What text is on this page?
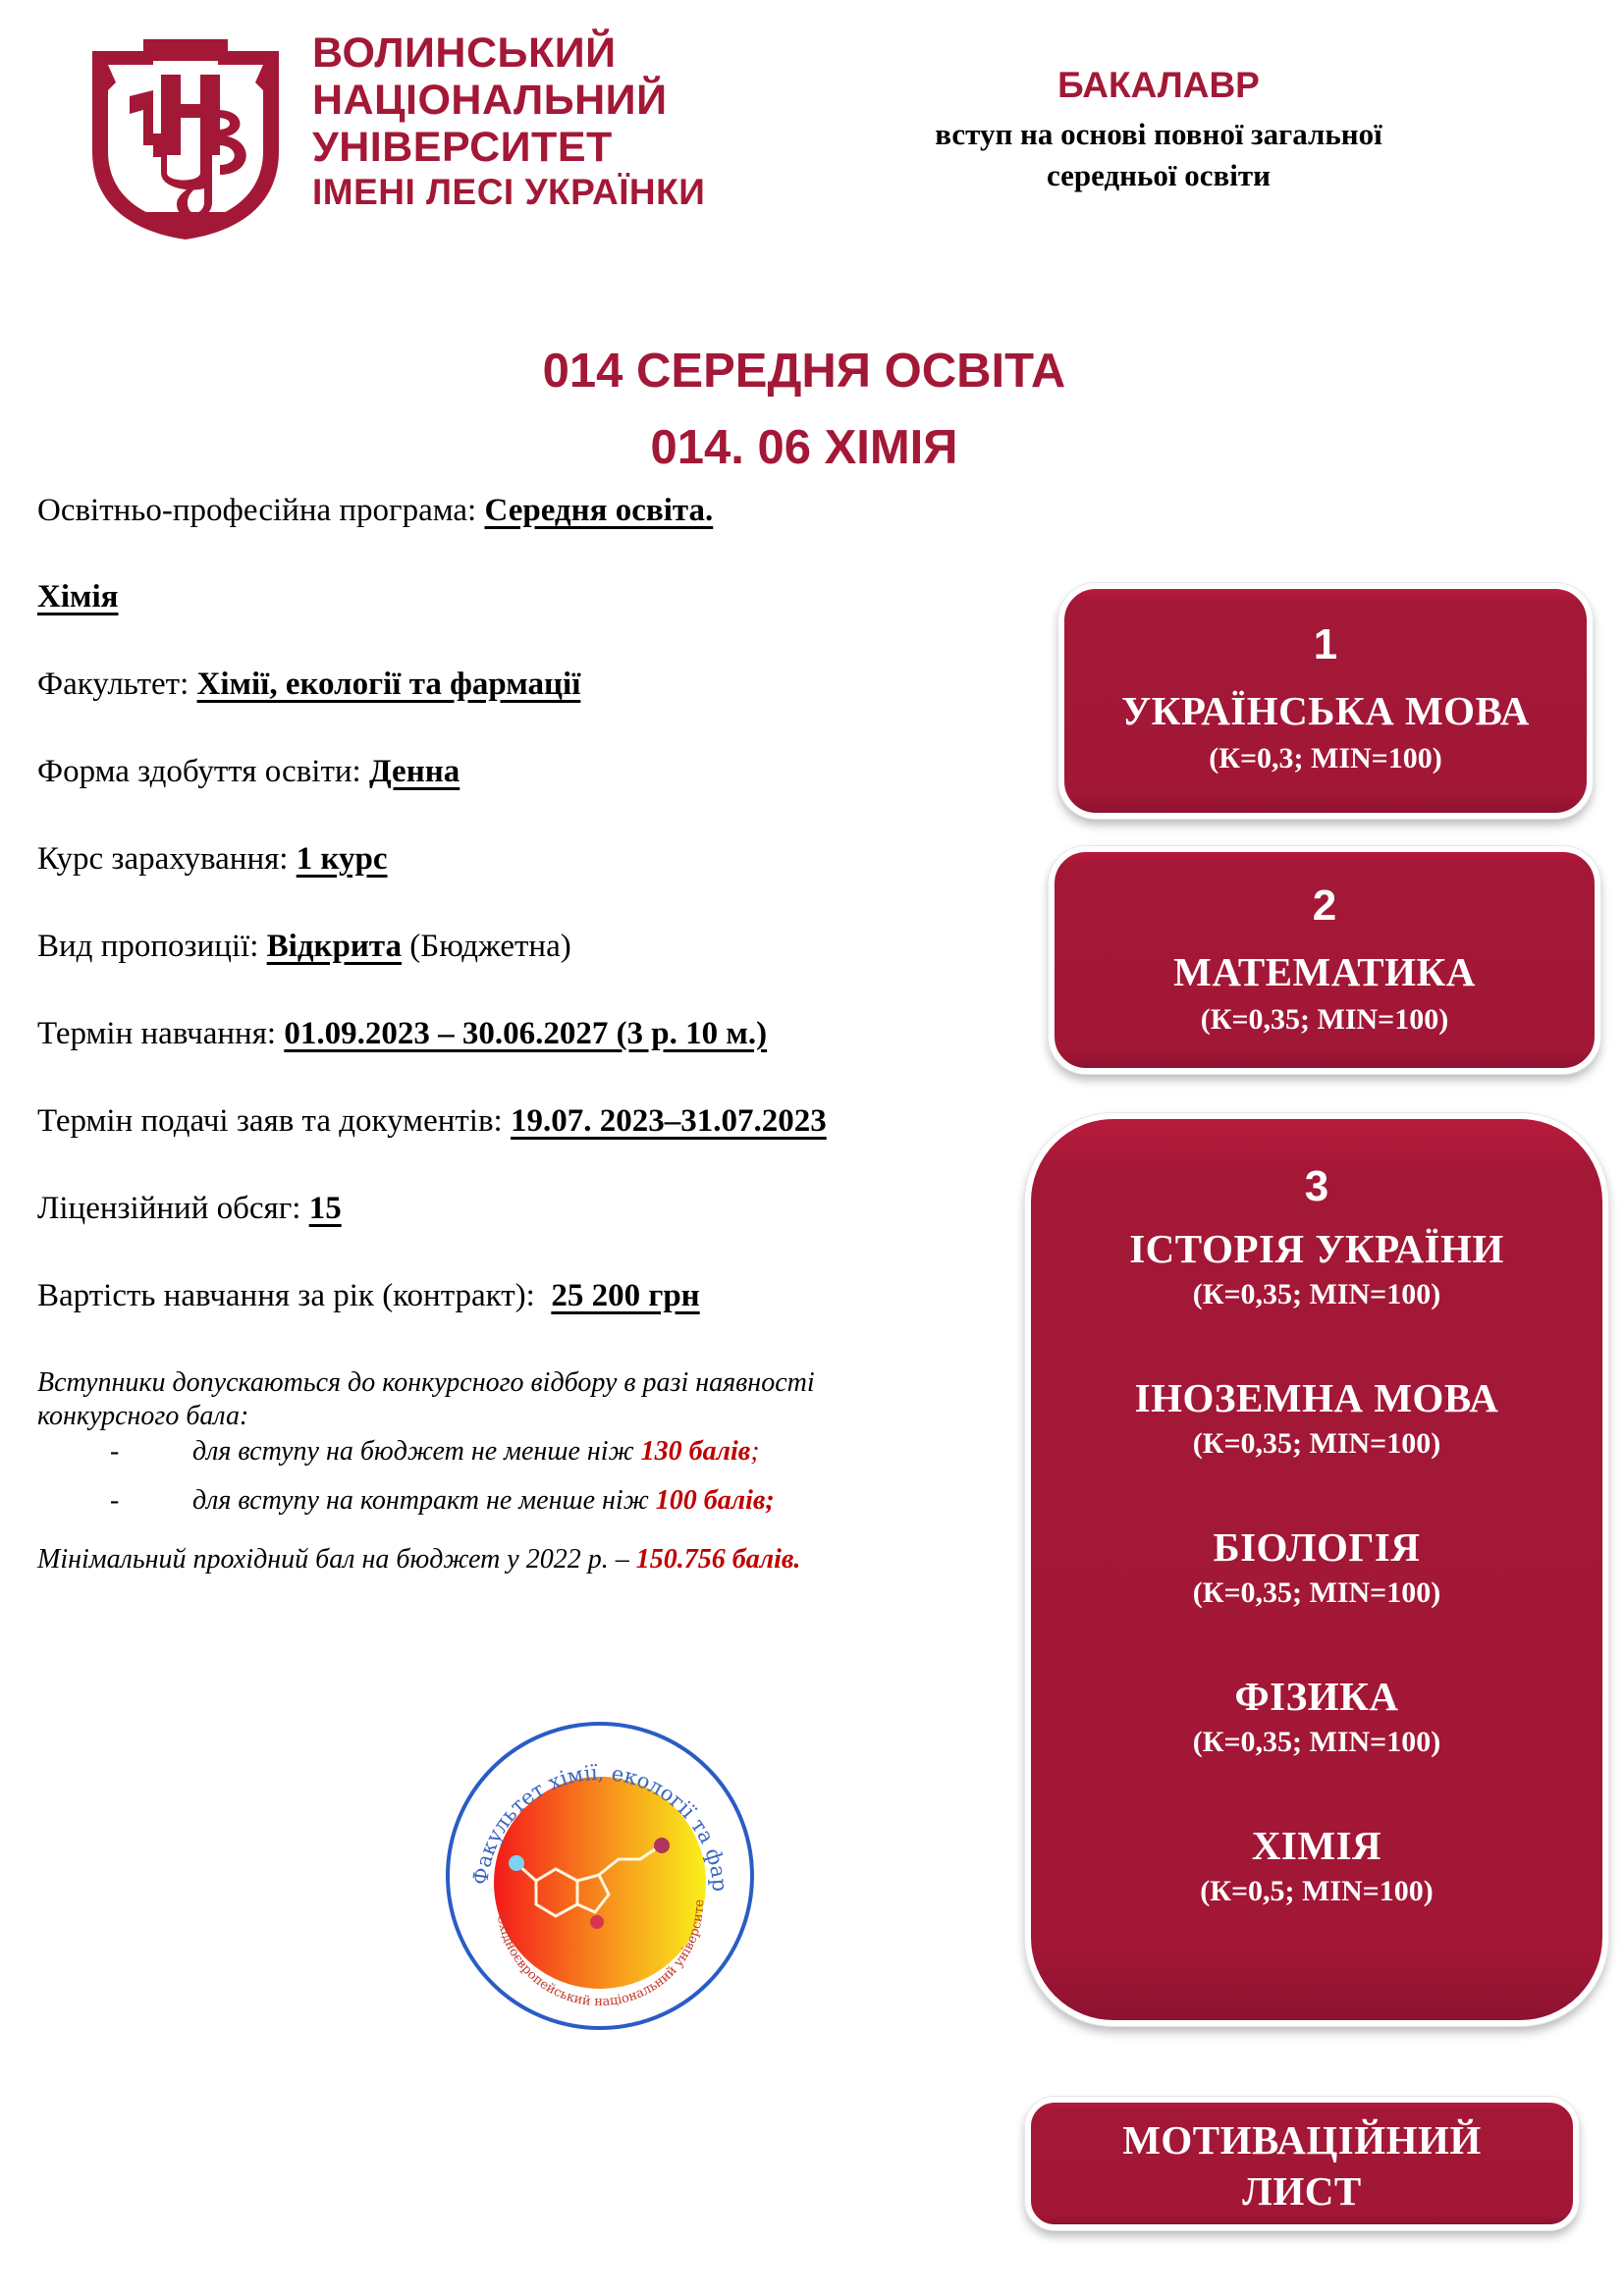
ВОЛИНСЬКИЙ
НАЦІОНАЛЬНИЙ
УНІВЕРСИТЕТ
ІМЕНІ ЛЕСІ УКРАЇНКИ
БАКАЛАВР
вступ на основі повної загальної
середньої освіти
014 СЕРЕДНЯ ОСВІТА
014. 06 ХІМІЯ
Освітньо-професійна програма: Середня освіта.
Хімія
Факультет: Хімії, екології та фармації
Форма здобуття освіти: Денна
Курс зарахування: 1 курс
Вид пропозиції: Відкрита (Бюджетна)
Термін навчання: 01.09.2023 – 30.06.2027 (3 р. 10 м.)
Термін подачі заяв та документів: 19.07. 2023–31.07.2023
Ліцензійний обсяг: 15
Вартість навчання за рік (контракт):  25 200 грн
Вступники допускаються до конкурсного відбору в разі наявності
конкурсного бала:
-	для вступу на бюджет не менше ніж 130 балів;
-	для вступу на контракт не менше ніж 100 балів;
Мінімальний прохідний бал на бюджет у 2022 р. – 150.756 балів.
Факультет хімії, екології та фар
Східноєвропейський національний університе
1
УКРАЇНСЬКА МОВА
(К=0,3; MIN=100)
2
МАТЕМАТИКА
(К=0,35; MIN=100)
3
ІСТОРІЯ УКРАЇНИ
(К=0,35; MIN=100)
ІНОЗЕМНА МОВА
(К=0,35; MIN=100)
БІОЛОГІЯ
(К=0,35; MIN=100)
ФІЗИКА
(К=0,35; MIN=100)
ХІМІЯ
(К=0,5; MIN=100)
МОТИВАЦІЙНИЙ
ЛИСТ
